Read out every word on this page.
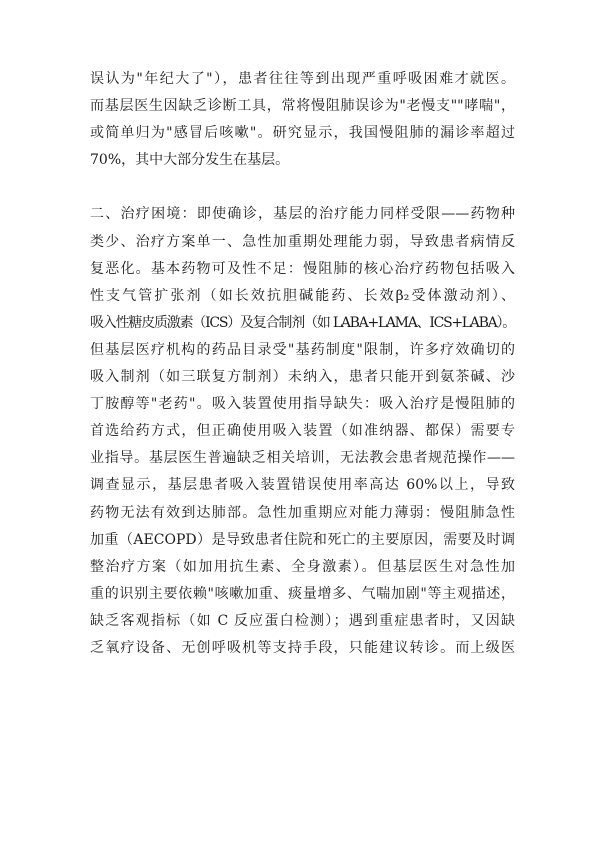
误认为"年纪大了"），患者往往等到出现严重呼吸困难才就医。
而基层医生因缺乏诊断工具，常将慢阻肺误诊为"老慢支""哮喘"，
或简单归为"感冒后咳嗽"。研究显示，我国慢阻肺的漏诊率超过
70%，其中大部分发生在基层。
二、治疗困境：即使确诊，基层的治疗能力同样受限——药物种
类少、治疗方案单一、急性加重期处理能力弱，导致患者病情反
复恶化。基本药物可及性不足：慢阻肺的核心治疗药物包括吸入
性支气管扩张剂（如长效抗胆碱能药、长效β₂受体激动剂）、
吸入性糖皮质激素（ICS）及复合制剂（如 LABA+LAMA、ICS+LABA）。
但基层医疗机构的药品目录受"基药制度"限制，许多疗效确切的
吸入制剂（如三联复方制剂）未纳入，患者只能开到氨茶碱、沙
丁胺醇等"老药"。吸入装置使用指导缺失：吸入治疗是慢阻肺的
首选给药方式，但正确使用吸入装置（如准纳器、都保）需要专
业指导。基层医生普遍缺乏相关培训，无法教会患者规范操作——
调查显示，基层患者吸入装置错误使用率高达 60%以上，导致
药物无法有效到达肺部。急性加重期应对能力薄弱：慢阻肺急性
加重（AECOPD）是导致患者住院和死亡的主要原因，需要及时调
整治疗方案（如加用抗生素、全身激素）。但基层医生对急性加
重的识别主要依赖"咳嗽加重、痰量增多、气喘加剧"等主观描述，
缺乏客观指标（如 C 反应蛋白检测）；遇到重症患者时，又因缺
乏氧疗设备、无创呼吸机等支持手段，只能建议转诊。而上级医
